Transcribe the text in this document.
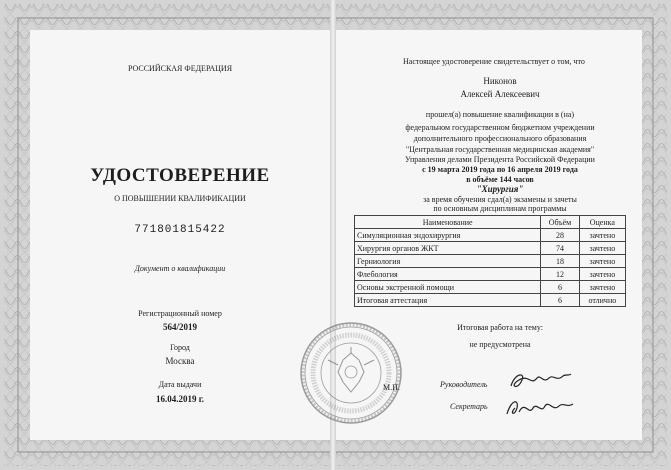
РОССИЙСКАЯ ФЕДЕРАЦИЯ
УДОСТОВЕРЕНИЕ
О ПОВЫШЕНИИ КВАЛИФИКАЦИИ
771801815422
Документ о квалификации
Регистрационный номер
564/2019
Город
Москва
Дата выдачи
16.04.2019 г.
Настоящее удостоверение свидетельствует о том, что
Никонов
Алексей Алексеевич
прошел(а) повышение квалификации в (на)
федеральном государственном бюджетном учреждении
дополнительного профессионального образования
"Центральная государственная медицинская академия"
Управления делами Президента Российской Федерации
с 19 марта 2019 года по 16 апреля 2019 года
в объёме 144 часов
"Хирургия"
за время обучения сдал(а) экзамены и зачеты
по основным дисциплинам программы
Наименование	Объём	Оценка
Симуляционная эндохирургия	28	зачтено
Хирургия органов ЖКТ	74	зачтено
Герниология	18	зачтено
Флебология	12	зачтено
Основы экстренной помощи	6	зачтено
Итоговая аттестация	6	отлично
Итоговая работа на тему:
не предусмотрена
М.П.	Руководитель
Секретарь
